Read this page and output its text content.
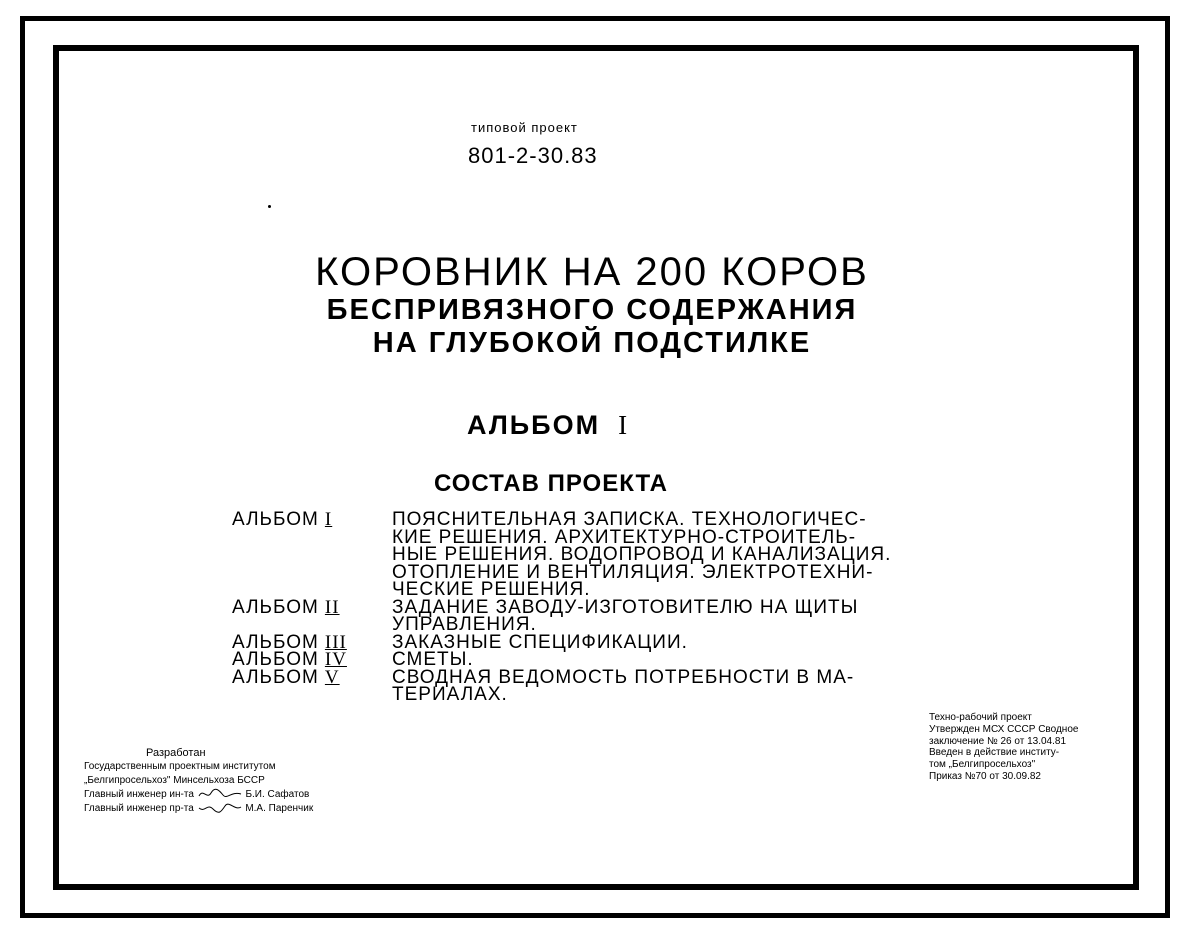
типовой проект
801-2-30.83
КОРОВНИК НА 200 КОРОВ
БЕСПРИВЯЗНОГО СОДЕРЖАНИЯ
НА ГЛУБОКОЙ ПОДСТИЛКЕ
АЛЬБОМ I
СОСТАВ ПРОЕКТА
АЛЬБОМ I	ПОЯСНИТЕЛЬНАЯ ЗАПИСКА. ТЕХНОЛОГИЧЕС-
КИЕ РЕШЕНИЯ. АРХИТЕКТУРНО-СТРОИТЕЛЬ-
НЫЕ РЕШЕНИЯ. ВОДОПРОВОД И КАНАЛИЗАЦИЯ.
ОТОПЛЕНИЕ И ВЕНТИЛЯЦИЯ. ЭЛЕКТРОТЕХНИ-
ЧЕСКИЕ РЕШЕНИЯ.
АЛЬБОМ II	ЗАДАНИЕ ЗАВОДУ-ИЗГОТОВИТЕЛЮ НА ЩИТЫ
УПРАВЛЕНИЯ.
АЛЬБОМ III	ЗАКАЗНЫЕ СПЕЦИФИКАЦИИ.
АЛЬБОМ IV	СМЕТЫ.
АЛЬБОМ V	СВОДНАЯ ВЕДОМОСТЬ ПОТРЕБНОСТИ В МА-
ТЕРИАЛАХ.
Разработан
Государственным проектным институтом
„Белгипросельхоз" Минсельхоза БССР
Главный инженер ин-та	Б.И. Сафатов
Главный инженер пр-та	М.А. Паренчик
Техно-рабочий проект
Утвержден МСХ СССР Сводное
заключение № 26 от 13.04.81
Введен в действие институ-
том „Белгипросельхоз"
Приказ №70 от 30.09.82
